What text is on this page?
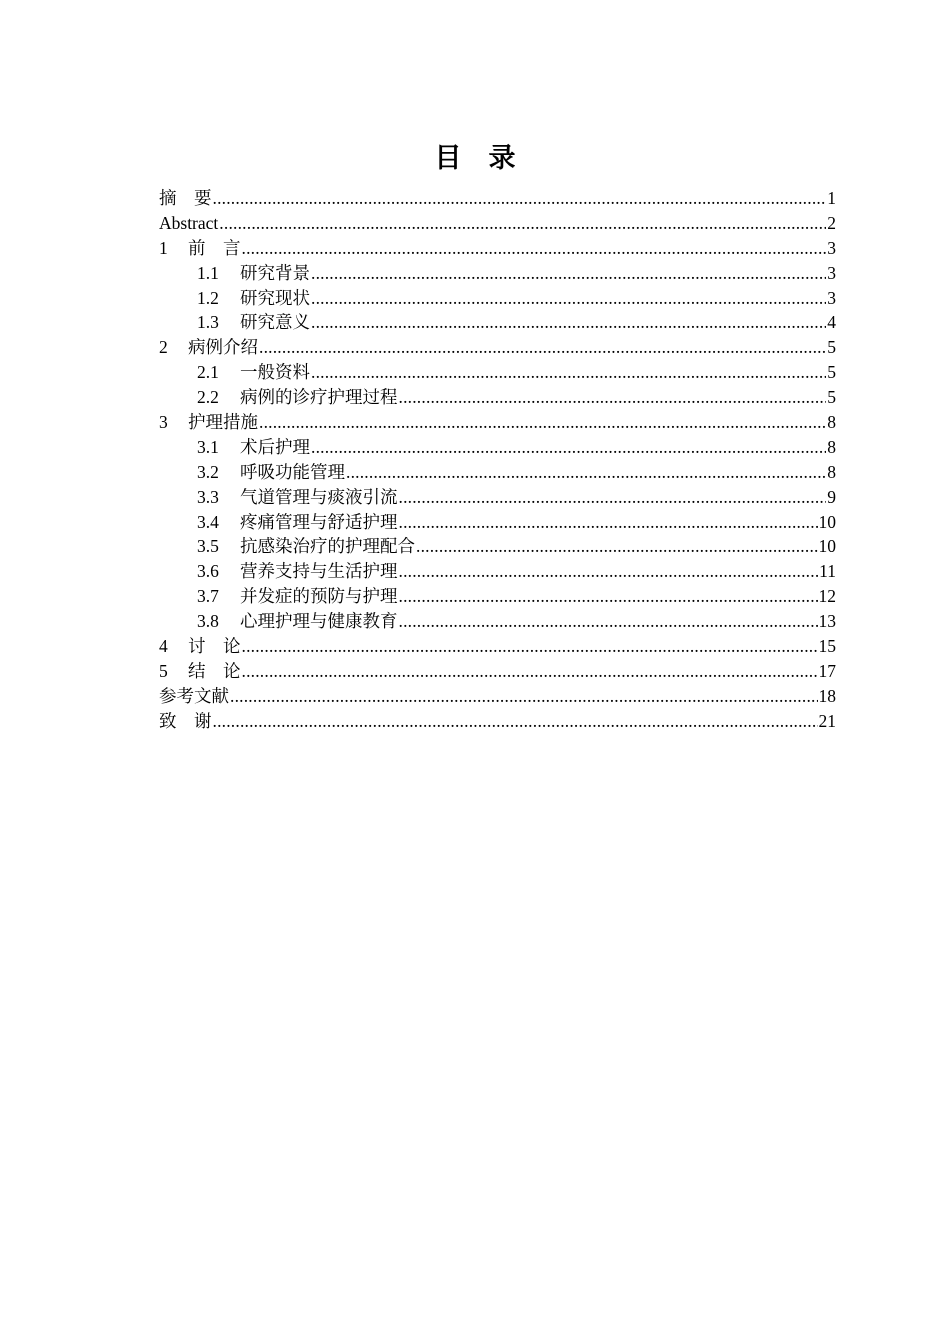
目　录
摘　要 .....	1
Abstract .....	2
1	前　言 .....	3
1.1	研究背景 .....	3
1.2	研究现状 .....	3
1.3	研究意义 .....	4
2	病例介绍 .....	5
2.1	一般资料 .....	5
2.2	病例的诊疗护理过程 .....	5
3	护理措施 .....	8
3.1	术后护理 .....	8
3.2	呼吸功能管理 .....	8
3.3	气道管理与痰液引流 .....	9
3.4	疼痛管理与舒适护理 .....	10
3.5	抗感染治疗的护理配合 .....	10
3.6	营养支持与生活护理 .....	11
3.7	并发症的预防与护理 .....	12
3.8	心理护理与健康教育 .....	13
4	讨　论 .....	15
5	结　论 .....	17
参考文献 .....	18
致　谢 .....	21
